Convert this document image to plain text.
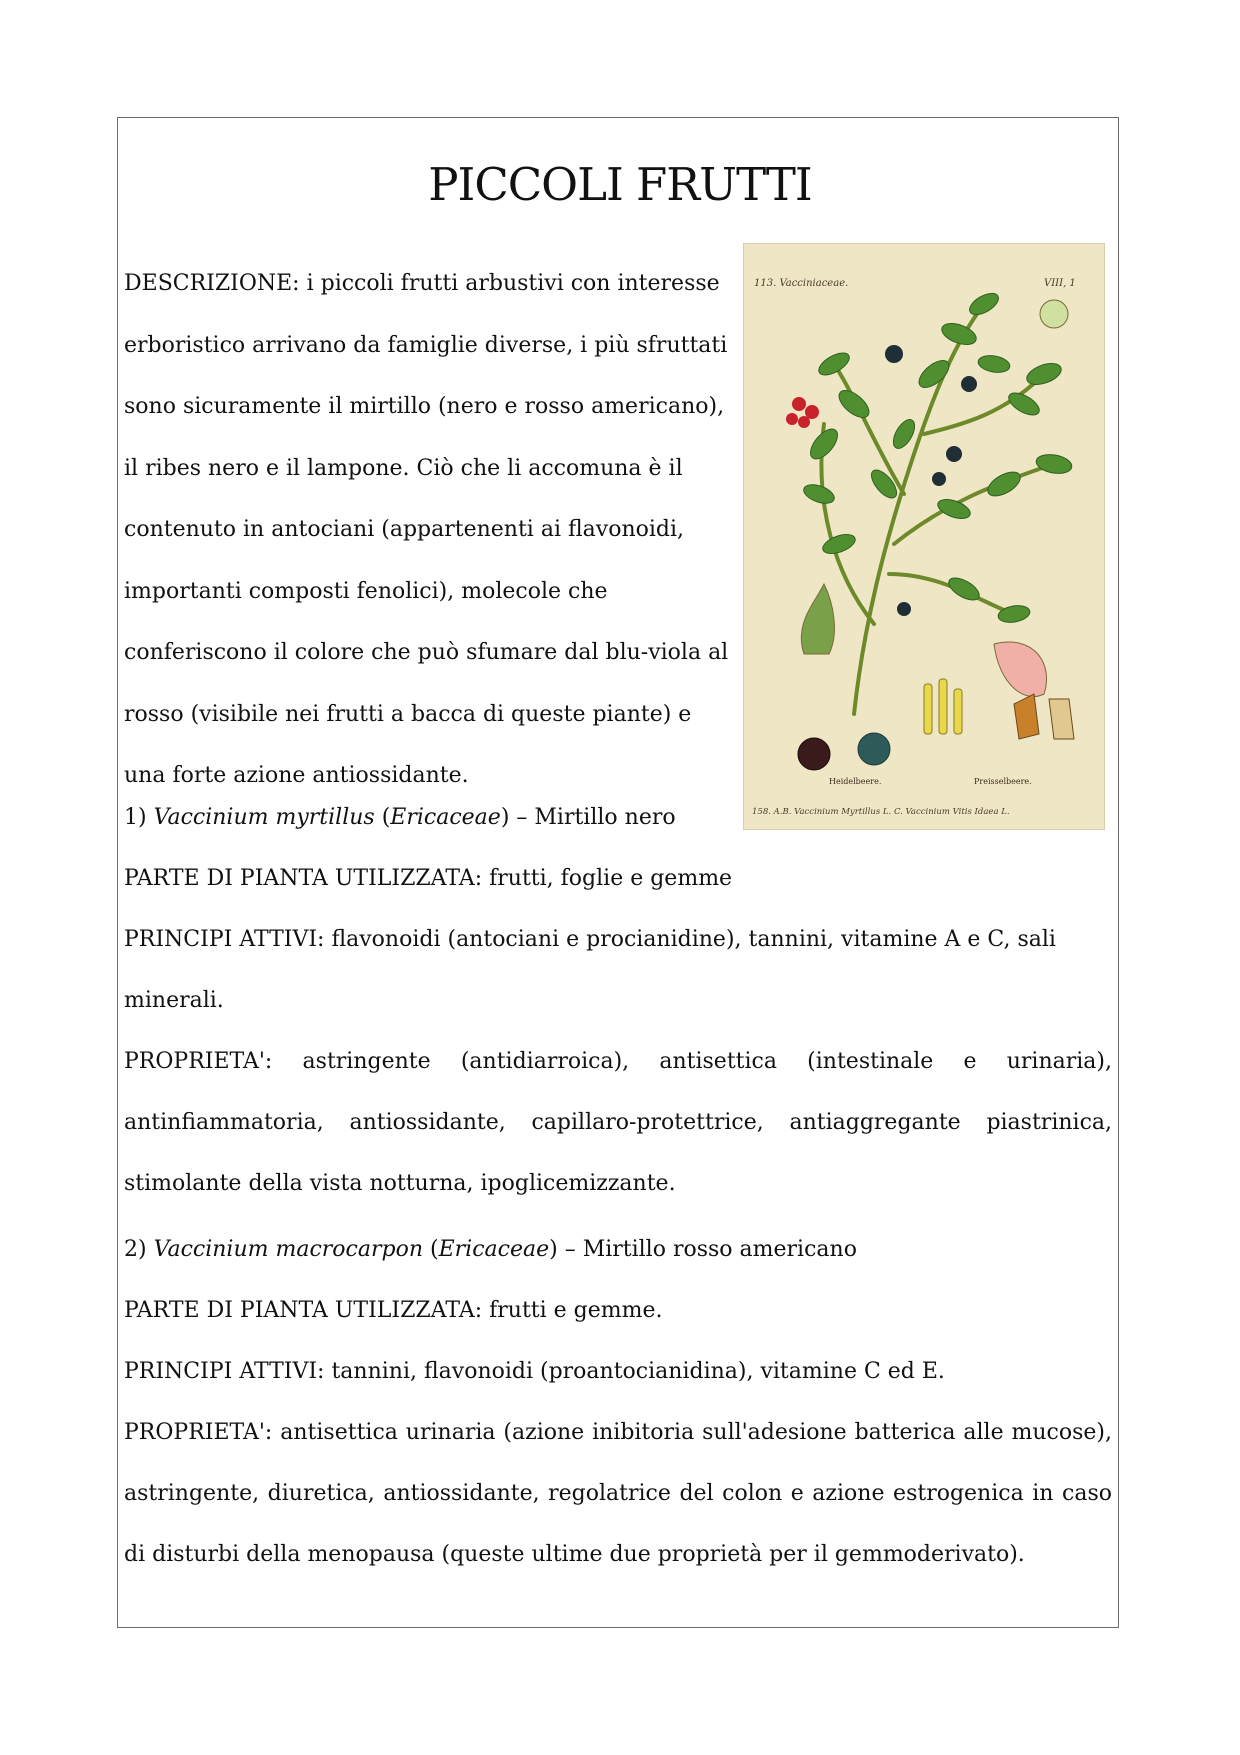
PICCOLI FRUTTI

DESCRIZIONE: i piccoli frutti arbustivi con interesse erboristico arrivano da famiglie diverse, i più sfruttati sono sicuramente il mirtillo (nero e rosso americano), il ribes nero e il lampone. Ciò che li accomuna è il contenuto in antociani (appartenenti ai flavonoidi, importanti composti fenolici), molecole che conferiscono il colore che può sfumare dal blu-viola al rosso (visibile nei frutti a bacca di queste piante) e una forte azione antiossidante.

113. Vacciniaceae.	VIII, 1
Heidelbeere.	Preisselbeere.
158. A.B. Vaccinium Myrtillus L. C. Vaccinium Vitis Idaea L.

1) Vaccinium myrtillus (Ericaceae) – Mirtillo nero

PARTE DI PIANTA UTILIZZATA: frutti, foglie e gemme

PRINCIPI ATTIVI: flavonoidi (antociani e procianidine), tannini, vitamine A e C, sali minerali.

PROPRIETA': astringente (antidiarroica), antisettica (intestinale e urinaria), antinfiammatoria, antiossidante, capillaro-protettrice, antiaggregante piastrinica, stimolante della vista notturna, ipoglicemizzante.

2) Vaccinium macrocarpon (Ericaceae) – Mirtillo rosso americano

PARTE DI PIANTA UTILIZZATA: frutti e gemme.

PRINCIPI ATTIVI: tannini, flavonoidi (proantocianidina), vitamine C ed E.

PROPRIETA': antisettica urinaria (azione inibitoria sull'adesione batterica alle mucose), astringente, diuretica, antiossidante, regolatrice del colon e azione estrogenica in caso di disturbi della menopausa (queste ultime due proprietà per il gemmoderivato).
